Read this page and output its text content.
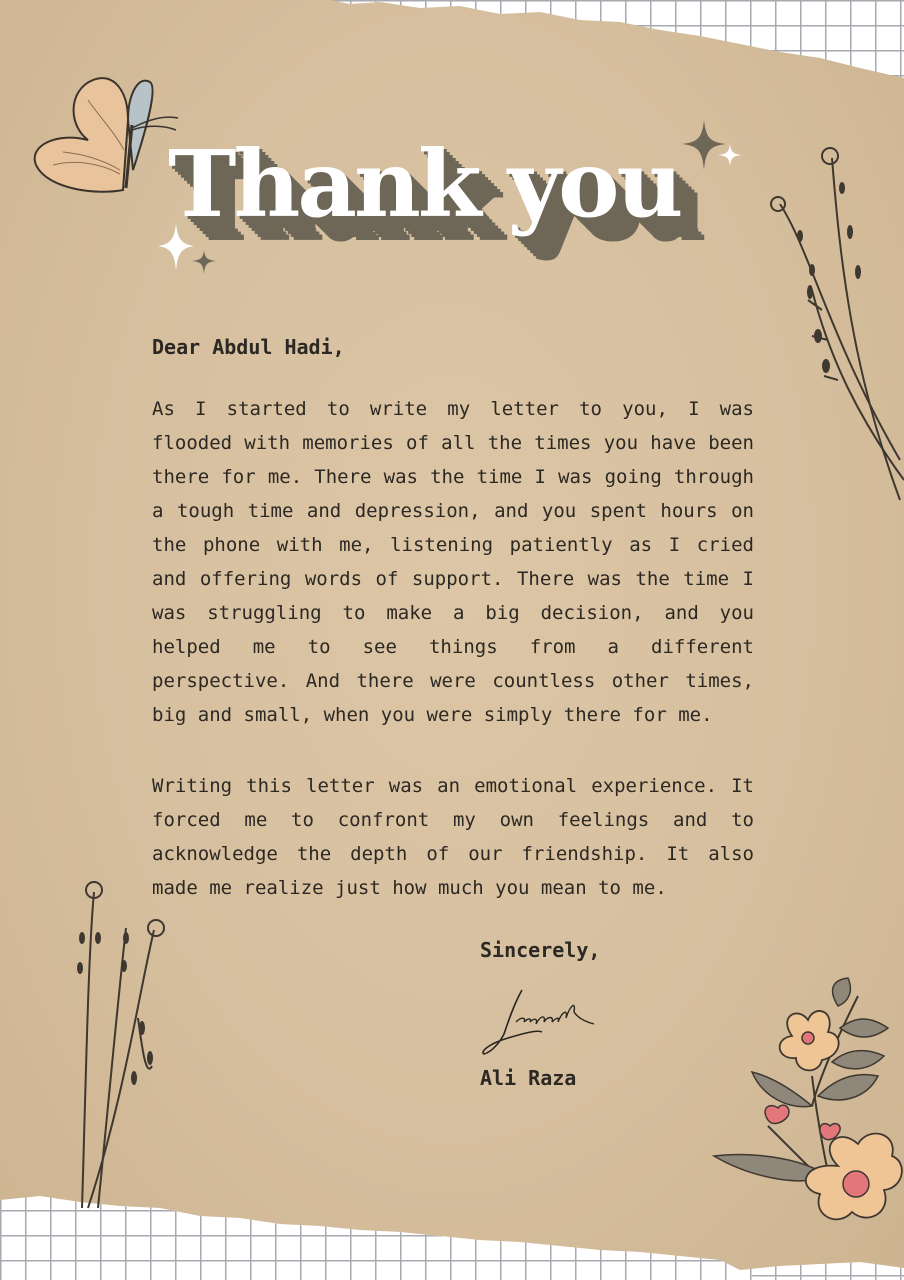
Thank you
Dear Abdul Hadi,
As I started to write my letter to you, I was flooded with memories of all the times you have been there for me. There was the time I was going through a tough time and depression, and you spent hours on the phone with me, listening patiently as I cried and offering words of support. There was the time I was struggling to make a big decision, and you helped me to see things from a different perspective. And there were countless other times, big and small, when you were simply there for me.
Writing this letter was an emotional experience. It forced me to confront my own feelings and to acknowledge the depth of our friendship. It also made me realize just how much you mean to me.
Sincerely,
Ali Raza
